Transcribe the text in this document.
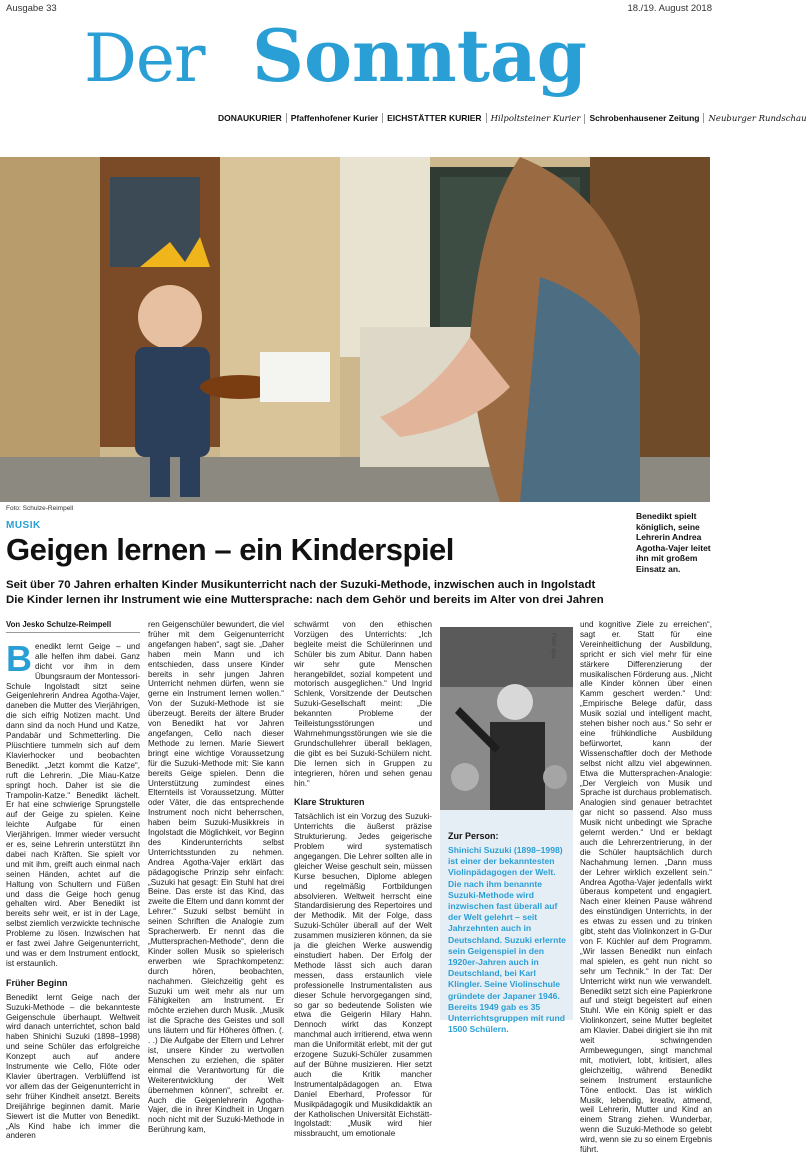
Ausgabe 33	18./19. August 2018
Der Sonntag
DONAUKURIER Pfaffenhofener Kurier EICHSTÄTTER KURIER Hilpoltsteiner Kurier Schrobenhausener Zeitung Neuburger Rundschau
Foto: Schulze-Reimpell
Benedikt spielt königlich, seine Lehrerin Andrea Agotha-Vajer leitet ihn mit großem Einsatz an.
MUSIK
Geigen lernen – ein Kinderspiel
Seit über 70 Jahren erhalten Kinder Musikunterricht nach der Suzuki-Methode, inzwischen auch in Ingolstadt
Die Kinder lernen ihr Instrument wie eine Muttersprache: nach dem Gehör und bereits im Alter von drei Jahren
Von Jesko Schulze-Reimpell
B enedikt lernt Geige – und alle helfen ihm dabei. Ganz dicht vor ihm in dem Übungsraum der Montessori-Schule Ingolstadt sitzt seine Geigenlehrerin Andrea Agotha-Vajer, daneben die Mutter des Vierjährigen, die sich eifrig Notizen macht. Und dann sind da noch Hund und Katze, Pandabär und Schmetterling. Die Plüschtiere tummeln sich auf dem Klavierhocker und beobachten Benedikt. „Jetzt kommt die Katze“, ruft die Lehrerin. „Die Miau-Katze springt hoch. Daher ist sie die Trampolin-Katze.“ Benedikt lächelt. Er hat eine schwierige Sprungstelle auf der Geige zu spielen. Keine leichte Aufgabe für einen Vierjährigen. Immer wieder versucht er es, seine Lehrerin unterstützt ihn dabei nach Kräften. Sie spielt vor und mit ihm, greift auch einmal nach seinen Händen, achtet auf die Haltung von Schultern und Füßen und dass die Geige hoch genug gehalten wird. Aber Benedikt ist bereits sehr weit, er ist in der Lage, selbst ziemlich verzwickte technische Probleme zu lösen. Inzwischen hat er fast zwei Jahre Geigenunterricht, und was er dem Instrument entlockt, ist erstaunlich.

Früher Beginn

Benedikt lernt Geige nach der Suzuki-Methode – die bekannteste Geigenschule überhaupt. Weltweit wird danach unterrichtet, schon bald haben Shinichi Suzuki (1898–1998) und seine Schüler das erfolgreiche Konzept auch auf andere Instrumente wie Cello, Flöte oder Klavier übertragen. Verblüffend ist vor allem das der Geigenunterricht in sehr früher Kindheit ansetzt. Bereits Dreijährige beginnen damit. Marie Siewert ist die Mutter von Benedikt. „Als Kind habe ich immer die anderen

ren Geigenschüler bewundert, die viel früher mit dem Geigenunterricht angefangen haben“, sagt sie. „Daher haben mein Mann und ich entschieden, dass unsere Kinder bereits in sehr jungen Jahren Unterricht nehmen dürfen, wenn sie gerne ein Instrument lernen wollen.“ Von der Suzuki-Methode ist sie überzeugt. Bereits der ältere Bruder von Benedikt hat vor Jahren angefangen, Cello nach dieser Methode zu lernen. Marie Siewert bringt eine wichtige Voraussetzung für die Suzuki-Methode mit: Sie kann bereits Geige spielen. Denn die Unterstützung zumindest eines Elternteils ist Voraussetzung. Mütter oder Väter, die das entsprechende Instrument noch nicht beherrschen, haben beim Suzuki-Musikkreis in Ingolstadt die Möglichkeit, vor Beginn des Kinderunterrichts selbst Unterrichtsstunden zu nehmen. Andrea Agotha-Vajer erklärt das pädagogische Prinzip sehr einfach: „Suzuki hat gesagt: Ein Stuhl hat drei Beine. Das erste ist das Kind, das zweite die Eltern und dann kommt der Lehrer.“ Suzuki selbst bemüht in seinen Schriften die Analogie zum Spracherwerb. Er nennt das die „Muttersprachen-Methode“, denn die Kinder sollen Musik so spielerisch erwerben wie Sprachkompetenz: durch hören, beobachten, nachahmen. Gleichzeitig geht es Suzuki um weit mehr als nur um Fähigkeiten am Instrument. Er möchte erziehen durch Musik. „Musik ist die Sprache des Geistes und soll uns läutern und für Höheres öffnen. (. . .) Die Aufgabe der Eltern und Lehrer ist, unsere Kinder zu wertvollen Menschen zu erziehen, die später einmal die Verantwortung für die Weiterentwicklung der Welt übernehmen können“, schreibt er. Auch die Geigenlehrerin Agotha-Vajer, die in ihrer Kindheit in Ungarn noch nicht mit der Suzuki-Methode in Berührung kam,

schwärmt von den ethischen Vorzügen des Unterrichts: „Ich begleite meist die Schülerinnen und Schüler bis zum Abitur. Dann haben wir sehr gute Menschen herangebildet, sozial kompetent und motorisch ausgeglichen.“ Und Ingrid Schlenk, Vorsitzende der Deutschen Suzuki-Gesellschaft meint: „Die bekannten Probleme der Teilleistungsstörungen und Wahrnehmungsstörungen wie sie die Grundschullehrer überall beklagen, die gibt es bei Suzuki-Schülern nicht. Die lernen sich in Gruppen zu integrieren, hören und sehen genau hin.“

Klare Strukturen

Tatsächlich ist ein Vorzug des Suzuki-Unterrichts die äußerst präzise Strukturierung. Jedes geigerische Problem wird systematisch angegangen. Die Lehrer sollten alle in gleicher Weise geschult sein, müssen Kurse besuchen, Diplome ablegen und regelmäßig Fortbildungen absolvieren. Weltweit herrscht eine Standardisierung des Repertoires und der Methodik. Mit der Folge, dass Suzuki-Schüler überall auf der Welt zusammen musizieren können, da sie ja die gleichen Werke auswendig einstudiert haben. Der Erfolg der Methode lässt sich auch daran messen, dass erstaunlich viele professionelle Instrumentalisten aus dieser Schule hervorgegangen sind, so gar so bedeutende Solisten wie etwa die Geigerin Hilary Hahn. Dennoch wirkt das Konzept manchmal auch irritierend, etwa wenn man die Uniformität erlebt, mit der gut erzogene Suzuki-Schüler zusammen auf der Bühne musizieren. Hier setzt auch die Kritik mancher Instrumentalpädagogen an. Etwa Daniel Eberhard, Professor für Musikpädagogik und Musikdidaktik an der Katholischen Universität Eichstätt-Ingolstadt: „Musik wird hier missbraucht, um emotionale

Foto: dpa
Zur Person:
Shinichi Suzuki (1898–1998) ist einer der bekanntesten Violinpädagogen der Welt. Die nach ihm benannte Suzuki-Methode wird inzwischen fast überall auf der Welt gelehrt – seit Jahrzehnten auch in Deutschland. Suzuki erlernte sein Geigenspiel in den 1920er-Jahren auch in Deutschland, bei Karl Klingler. Seine Violinschule gründete der Japaner 1946. Bereits 1949 gab es 35 Unterrichtsgruppen mit rund 1500 Schülern.

und kognitive Ziele zu erreichen“, sagt er. Statt für eine Vereinheitlichung der Ausbildung, spricht er sich viel mehr für eine stärkere Differenzierung der musikalischen Förderung aus. „Nicht alle Kinder können über einen Kamm geschert werden.“ Und: „Empirische Belege dafür, dass Musik sozial und intelligent macht, stehen bisher noch aus.“ So sehr er eine frühkindliche Ausbildung befürwortet, kann der Wissenschaftler doch der Methode selbst nicht allzu viel abgewinnen. Etwa die Muttersprachen-Analogie: „Der Vergleich von Musik und Sprache ist durchaus problematisch. Analogien sind genauer betrachtet gar nicht so passend. Also muss Musik nicht unbedingt wie Sprache gelernt werden.“ Und er beklagt auch die Lehrerzentrierung, in der die Schüler hauptsächlich durch Nachahmung lernen. „Dann muss der Lehrer wirklich exzellent sein.“ Andrea Agotha-Vajer jedenfalls wirkt überaus kompetent und engagiert. Nach einer kleinen Pause während des einstündigen Unterrichts, in der es etwas zu essen und zu trinken gibt, steht das Violinkonzert in G-Dur von F. Küchler auf dem Programm. „Wir lassen Benedikt nun einfach mal spielen, es geht nun nicht so sehr um Technik.“ In der Tat: Der Unterricht wirkt nun wie verwandelt. Benedikt setzt sich eine Papierkrone auf und steigt begeistert auf einen Stuhl. Wie ein König spielt er das Violinkonzert, seine Mutter begleitet am Klavier. Dabei dirigiert sie ihn mit weit schwingenden Armbewegungen, singt manchmal mit, motiviert, lobt, kritisiert, alles gleichzeitig, während Benedikt seinem Instrument erstaunliche Töne entlockt. Das ist wirklich Musik, lebendig, kreativ, atmend, weil Lehrerin, Mutter und Kind an einem Strang ziehen. Wunderbar, wenn die Suzuki-Methode so gelebt wird, wenn sie zu so einem Ergebnis führt.
